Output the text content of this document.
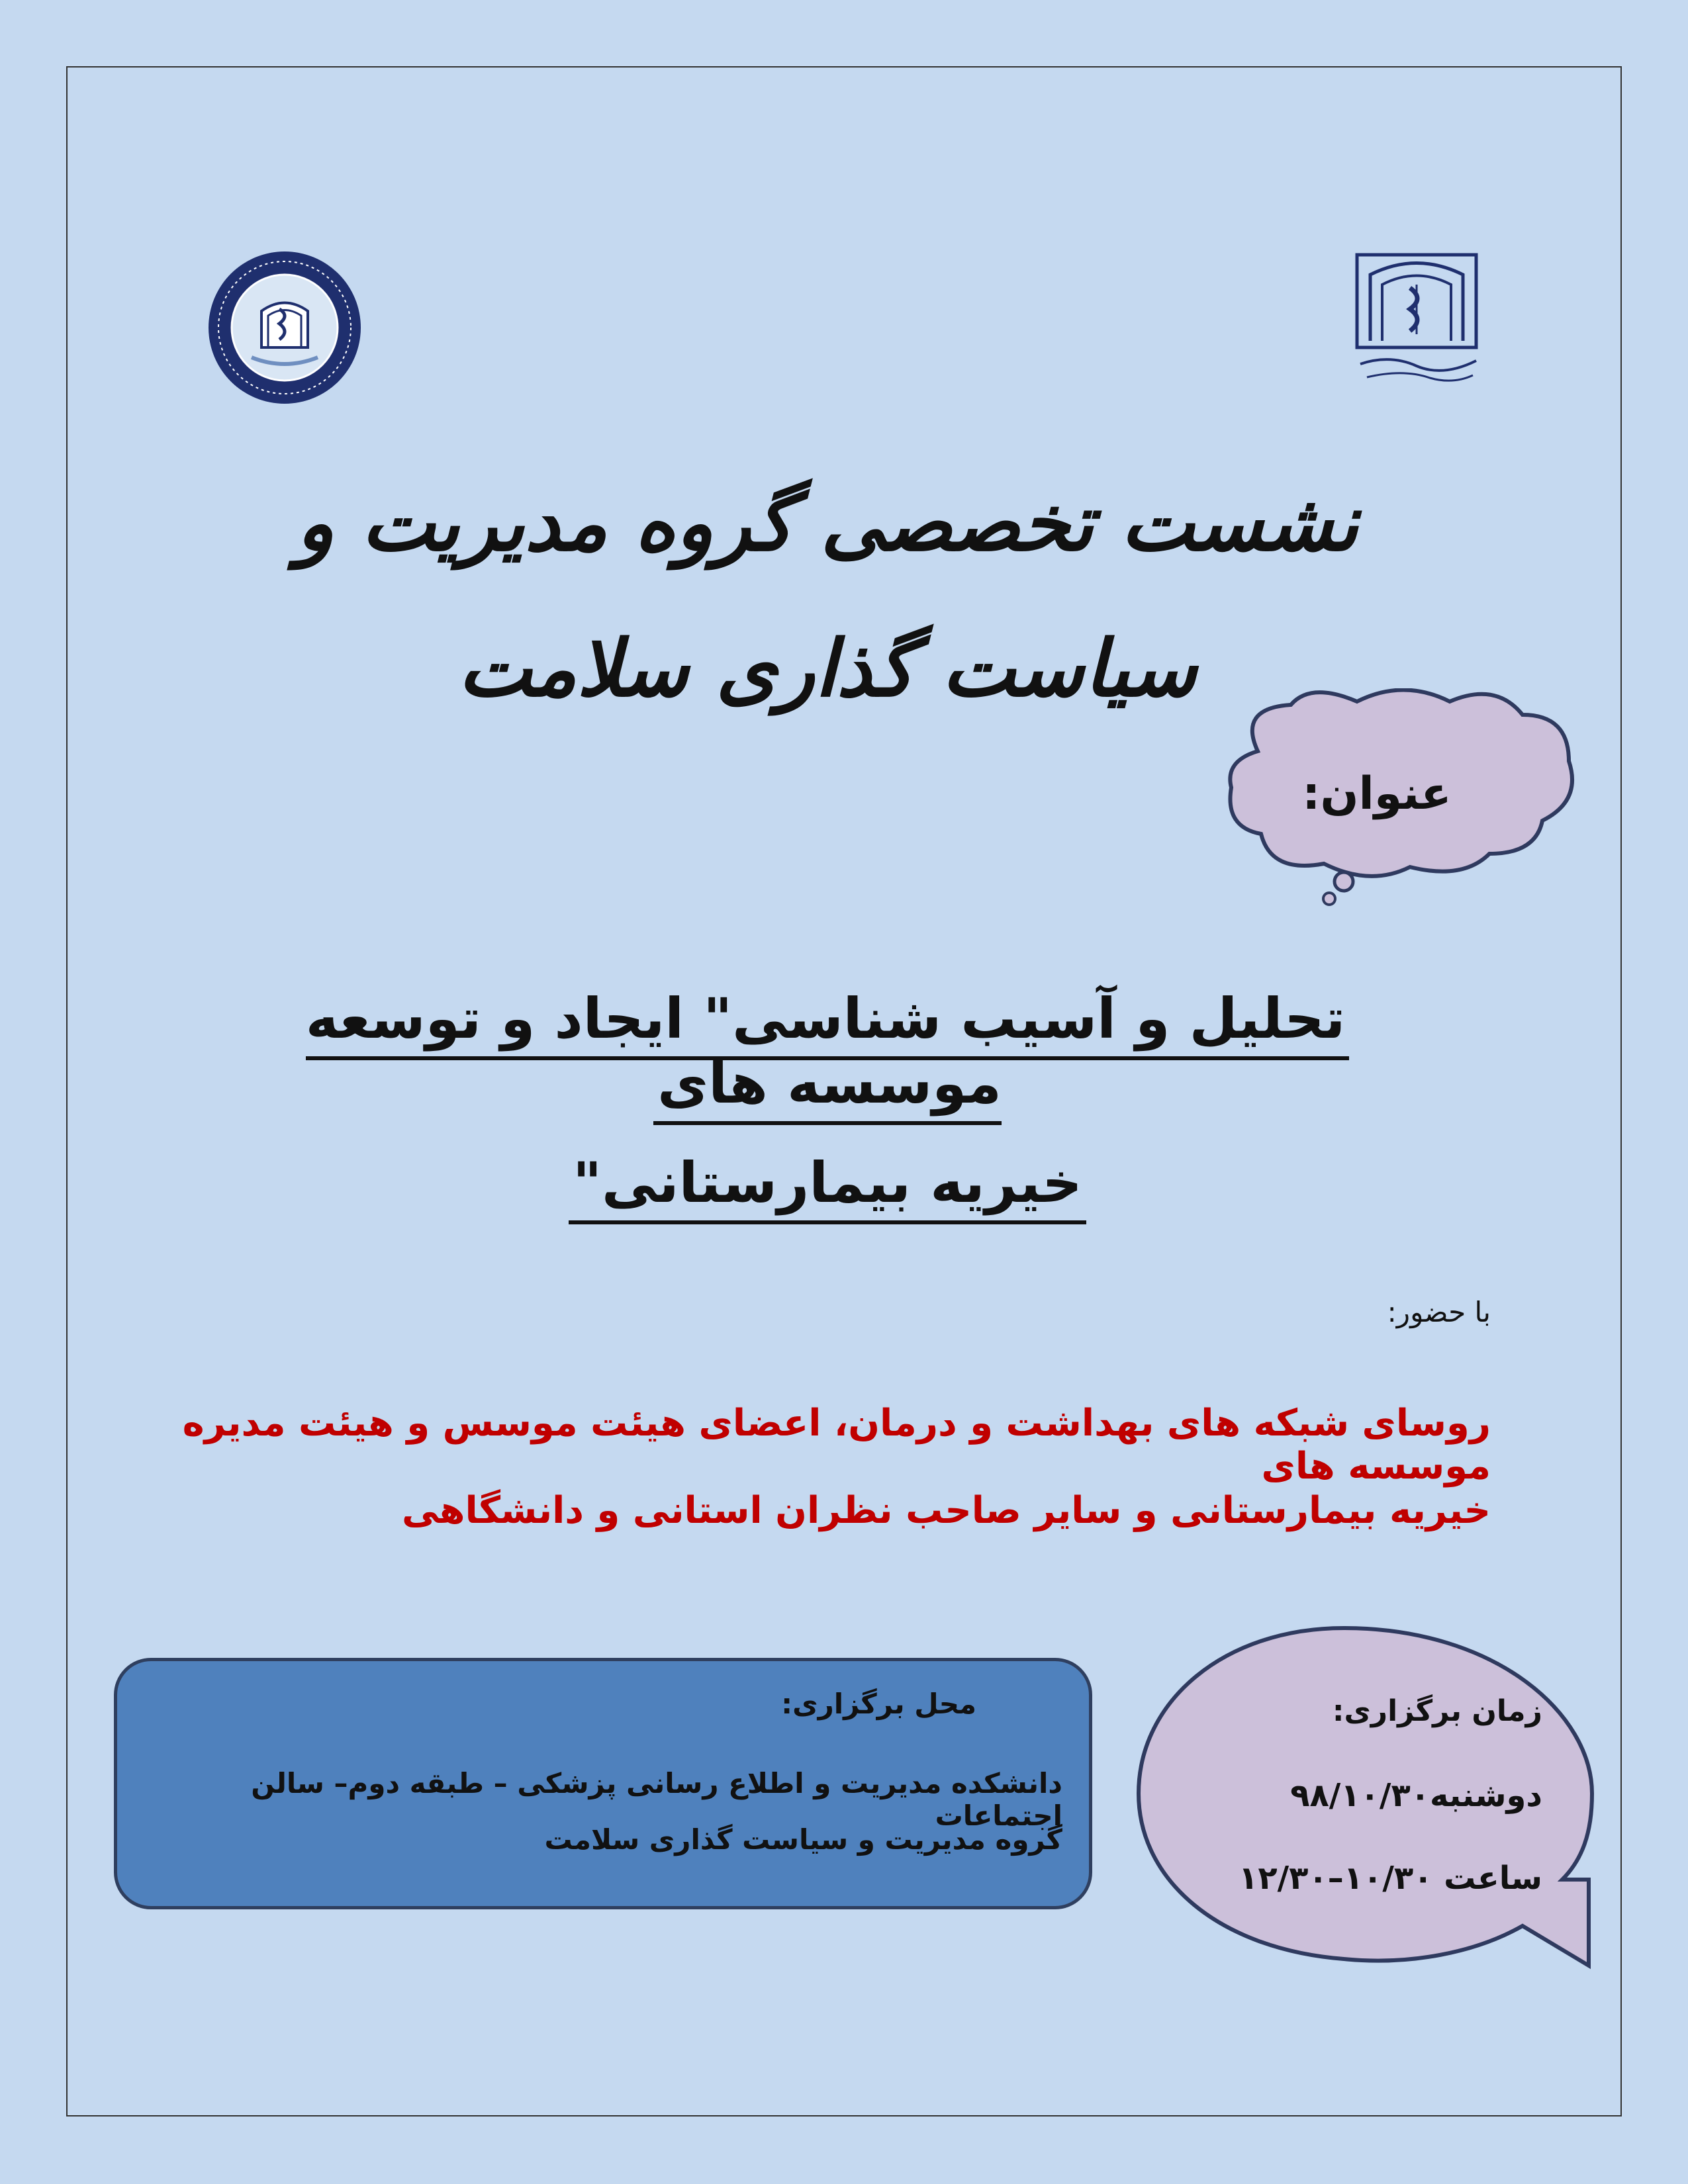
نشست تخصصی گروه مدیریت و سیاست گذاری سلامت
عنوان:
تحلیل و آسیب شناسی" ایجاد و توسعه موسسه های
خیریه بیمارستانی"
با حضور:
روسای شبکه های بهداشت و درمان، اعضای هیئت موسس و هیئت مدیره موسسه های
خیریه بیمارستانی و سایر صاحب نظران استانی و دانشگاهی
محل برگزاری:
دانشکده مدیریت و اطلاع رسانی پزشکی – طبقه دوم– سالن اجتماعات
گروه مدیریت و سیاست گذاری سلامت
زمان برگزاری:
دوشنبه۹۸/۱۰/۳۰
ساعت ۱۰/۳۰–۱۲/۳۰
